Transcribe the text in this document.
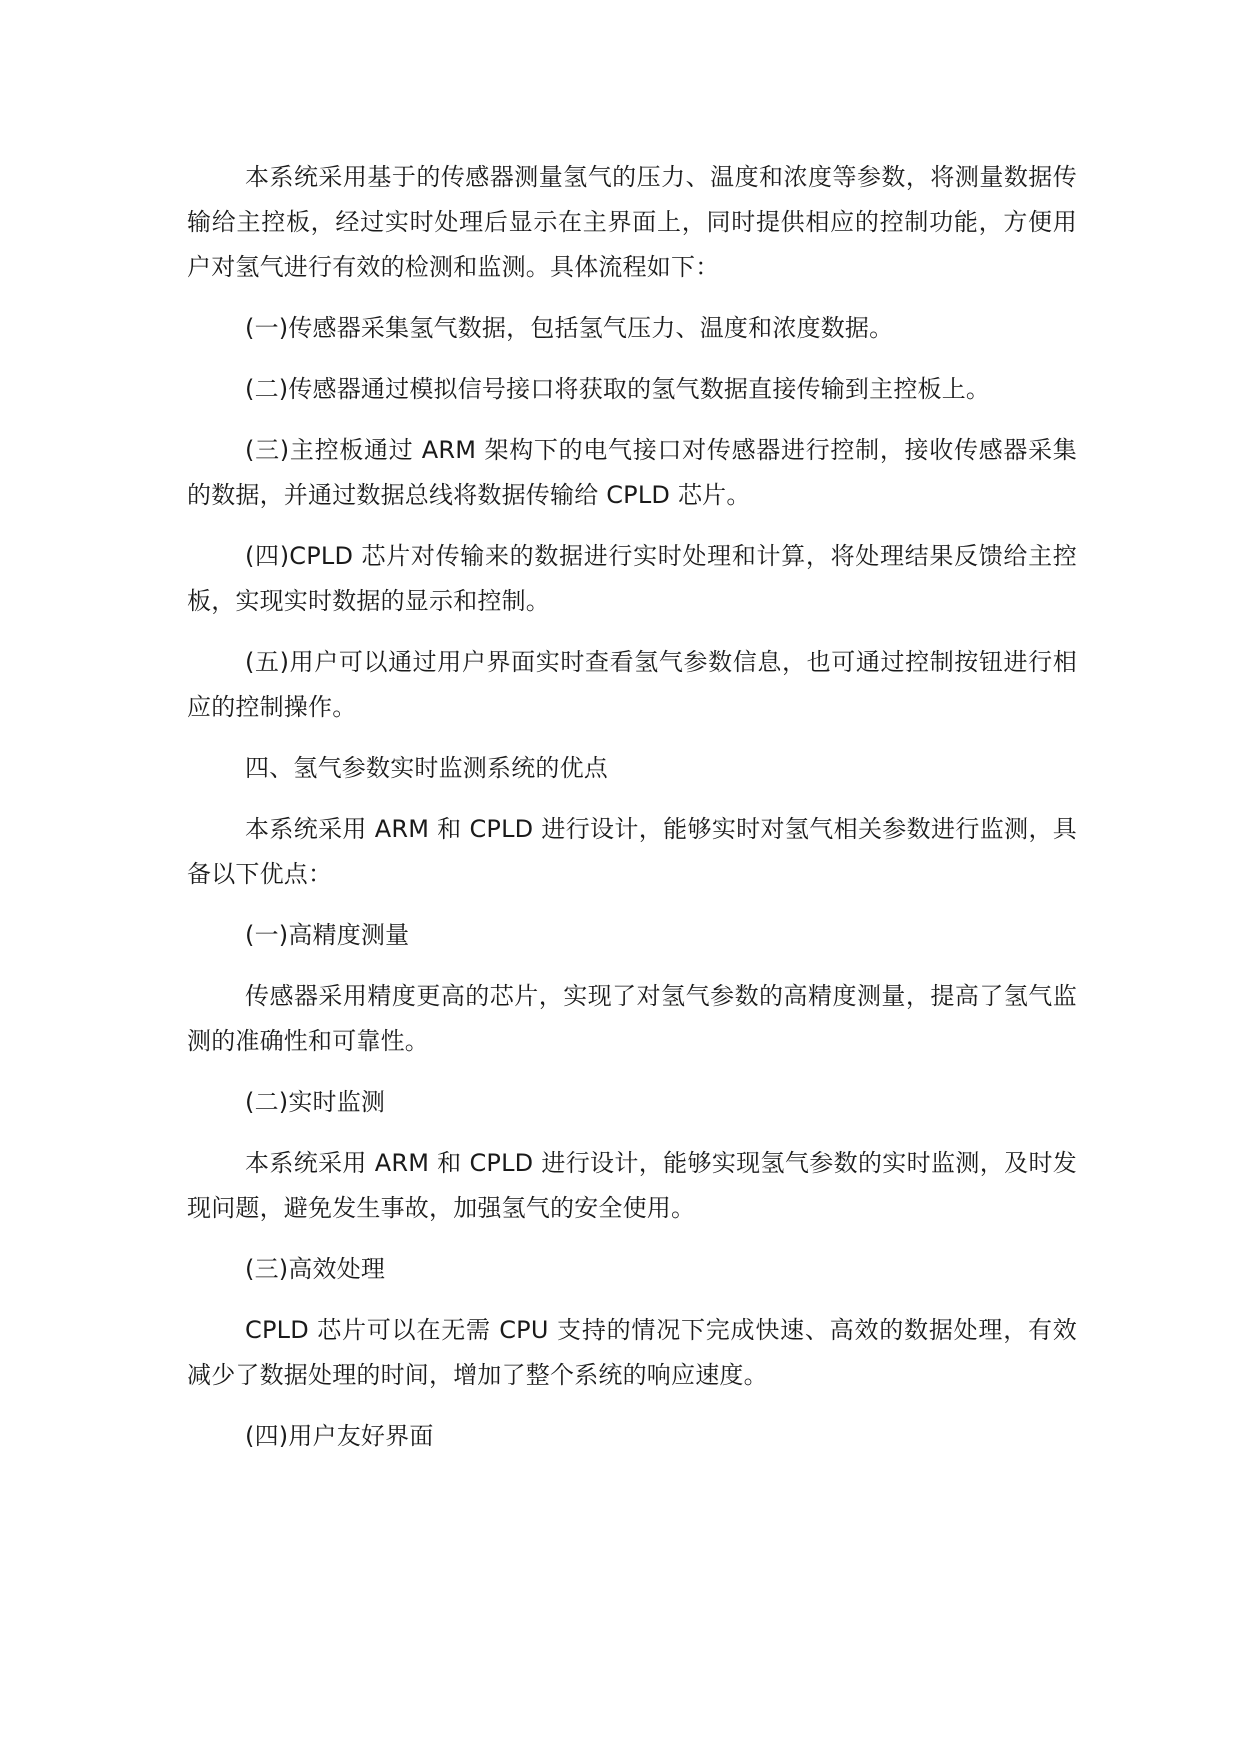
本系统采用基于的传感器测量氢气的压力、温度和浓度等参数，将测量数据传输给主控板，经过实时处理后显示在主界面上，同时提供相应的控制功能，方便用户对氢气进行有效的检测和监测。具体流程如下：

(一)传感器采集氢气数据，包括氢气压力、温度和浓度数据。

(二)传感器通过模拟信号接口将获取的氢气数据直接传输到主控板上。

(三)主控板通过 ARM 架构下的电气接口对传感器进行控制，接收传感器采集的数据，并通过数据总线将数据传输给 CPLD 芯片。

(四)CPLD 芯片对传输来的数据进行实时处理和计算，将处理结果反馈给主控板，实现实时数据的显示和控制。

(五)用户可以通过用户界面实时查看氢气参数信息，也可通过控制按钮进行相应的控制操作。

四、氢气参数实时监测系统的优点

本系统采用 ARM 和 CPLD 进行设计，能够实时对氢气相关参数进行监测，具备以下优点：

(一)高精度测量

传感器采用精度更高的芯片，实现了对氢气参数的高精度测量，提高了氢气监测的准确性和可靠性。

(二)实时监测

本系统采用 ARM 和 CPLD 进行设计，能够实现氢气参数的实时监测，及时发现问题，避免发生事故，加强氢气的安全使用。

(三)高效处理

CPLD 芯片可以在无需 CPU 支持的情况下完成快速、高效的数据处理，有效减少了数据处理的时间，增加了整个系统的响应速度。

(四)用户友好界面
